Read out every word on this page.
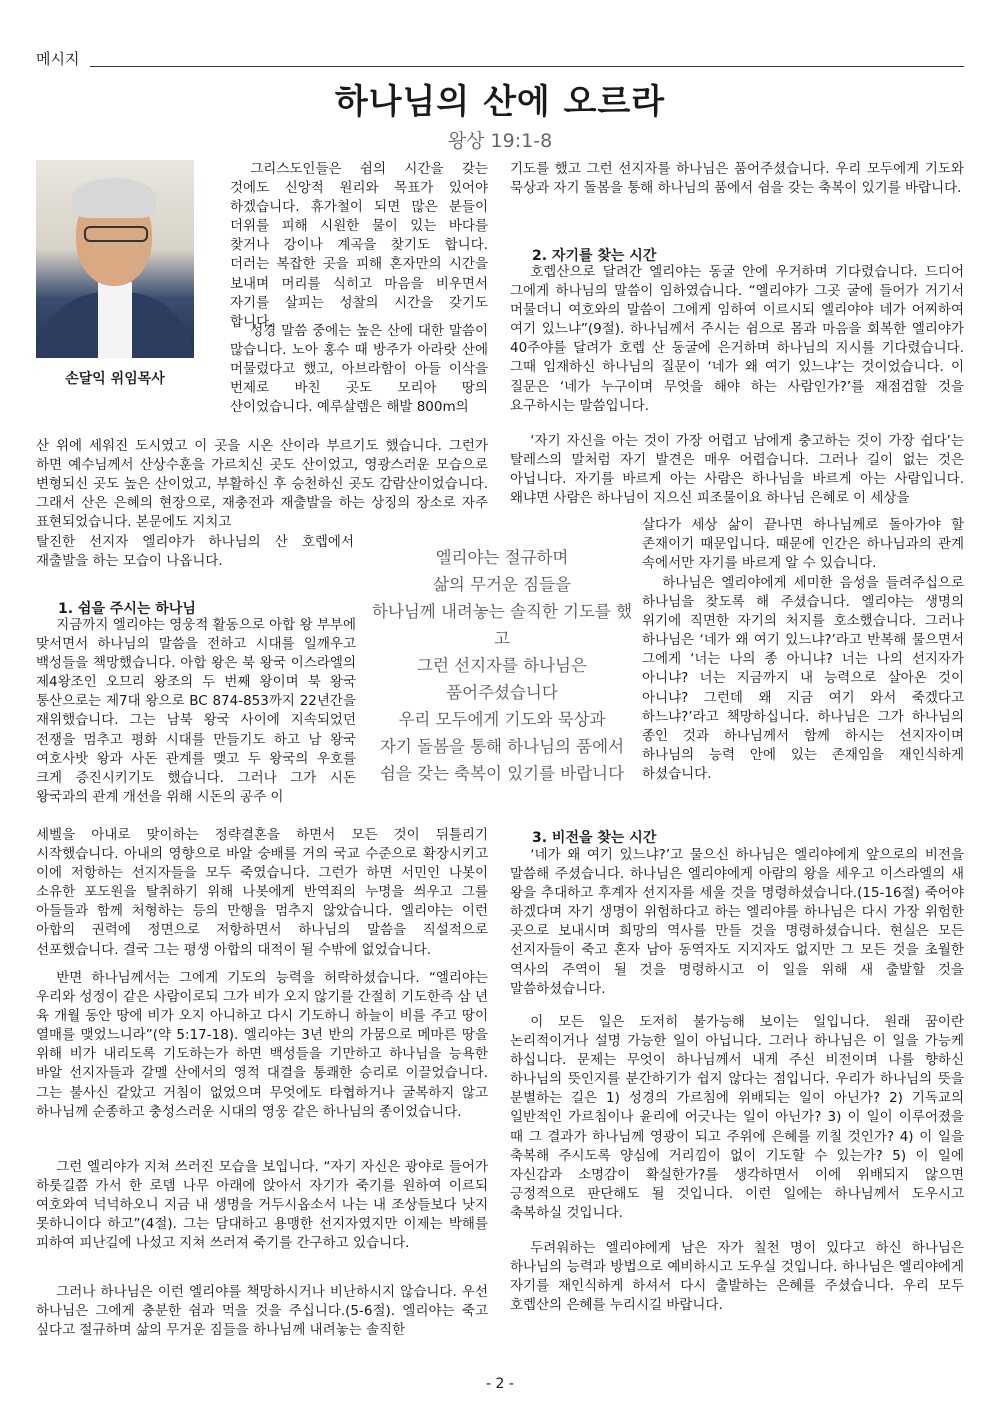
메시지
하나님의 산에 오르라
왕상 19:1-8
손달익 위임목사

그리스도인들은 쉼의 시간을 갖는 것에도 신앙적 원리와 목표가 있어야 하겠습니다. 휴가철이 되면 많은 분들이 더위를 피해 시원한 물이 있는 바다를 찾거나 강이나 계곡을 찾기도 합니다. 더러는 복잡한 곳을 피해 혼자만의 시간을 보내며 머리를 식히고 마음을 비우면서 자기를 살피는 성찰의 시간을 갖기도 합니다.

성경 말씀 중에는 높은 산에 대한 말씀이 많습니다. 노아 홍수 때 방주가 아라랏 산에 머물렀다고 했고, 아브라함이 아들 이삭을 번제로 바친 곳도 모리아 땅의 산이었습니다. 예루살렘은 해발 800m의

산 위에 세워진 도시였고 이 곳을 시온 산이라 부르기도 했습니다. 그런가 하면 예수님께서 산상수훈을 가르치신 곳도 산이었고, 영광스러운 모습으로 변형되신 곳도 높은 산이었고, 부활하신 후 승천하신 곳도 감람산이었습니다. 그래서 산은 은혜의 현장으로, 재충전과 재출발을 하는 상징의 장소로 자주 표현되었습니다. 본문에도 지치고

탈진한 선지자 엘리야가 하나님의 산 호렙에서 재출발을 하는 모습이 나옵니다.

1. 쉼을 주시는 하나님

지금까지 엘리야는 영웅적 활동으로 아합 왕 부부에 맞서면서 하나님의 말씀을 전하고 시대를 일깨우고 백성들을 책망했습니다. 아합 왕은 북 왕국 이스라엘의 제4왕조인 오므리 왕조의 두 번째 왕이며 북 왕국 통산으로는 제7대 왕으로 BC 874-853까지 22년간을 재위했습니다. 그는 남북 왕국 사이에 지속되었던 전쟁을 멈추고 평화 시대를 만들기도 하고 남 왕국 여호사밧 왕과 사돈 관계를 맺고 두 왕국의 우호를 크게 증진시키기도 했습니다. 그러나 그가 시돈 왕국과의 관계 개선을 위해 시돈의 공주 이

세벨을 아내로 맞이하는 정략결혼을 하면서 모든 것이 뒤틀리기 시작했습니다. 아내의 영향으로 바알 숭배를 거의 국교 수준으로 확장시키고 이에 저항하는 선지자들을 모두 죽였습니다. 그런가 하면 서민인 나봇이 소유한 포도원을 탈취하기 위해 나봇에게 반역죄의 누명을 씌우고 그를 아들들과 함께 처형하는 등의 만행을 멈추지 않았습니다. 엘리야는 이런 아합의 권력에 정면으로 저항하면서 하나님의 말씀을 직설적으로 선포했습니다. 결국 그는 평생 아합의 대적이 될 수밖에 없었습니다.

반면 하나님께서는 그에게 기도의 능력을 허락하셨습니다. “엘리야는 우리와 성정이 같은 사람이로되 그가 비가 오지 않기를 간절히 기도한즉 삼 년 육 개월 동안 땅에 비가 오지 아니하고 다시 기도하니 하늘이 비를 주고 땅이 열매를 맺었느니라”(약 5:17-18). 엘리야는 3년 반의 가뭄으로 메마른 땅을 위해 비가 내리도록 기도하는가 하면 백성들을 기만하고 하나님을 능욕한 바알 선지자들과 갈멜 산에서의 영적 대결을 통쾌한 승리로 이끌었습니다. 그는 불사신 같았고 거침이 없었으며 무엇에도 타협하거나 굴복하지 않고 하나님께 순종하고 충성스러운 시대의 영웅 같은 하나님의 종이었습니다.

그런 엘리야가 지쳐 쓰러진 모습을 보입니다. “자기 자신은 광야로 들어가 하룻길쯤 가서 한 로뎀 나무 아래에 앉아서 자기가 죽기를 원하여 이르되 여호와여 넉넉하오니 지금 내 생명을 거두시옵소서 나는 내 조상들보다 낫지 못하니이다 하고”(4절). 그는 담대하고 용맹한 선지자였지만 이제는 박해를 피하여 피난길에 나섰고 지쳐 쓰러져 죽기를 간구하고 있습니다.

그러나 하나님은 이런 엘리야를 책망하시거나 비난하시지 않습니다. 우선 하나님은 그에게 충분한 쉼과 먹을 것을 주십니다.(5-6절). 엘리야는 죽고 싶다고 절규하며 삶의 무거운 짐들을 하나님께 내려놓는 솔직한

기도를 했고 그런 선지자를 하나님은 품어주셨습니다. 우리 모두에게 기도와 묵상과 자기 돌봄을 통해 하나님의 품에서 쉼을 갖는 축복이 있기를 바랍니다.

2. 자기를 찾는 시간

호렙산으로 달려간 엘리야는 동굴 안에 우거하며 기다렸습니다. 드디어 그에게 하나님의 말씀이 임하였습니다. “엘리야가 그곳 굴에 들어가 거기서 머물더니 여호와의 말씀이 그에게 임하여 이르시되 엘리야야 네가 어찌하여 여기 있느냐”(9절). 하나님께서 주시는 쉼으로 몸과 마음을 회복한 엘리야가 40주야를 달려가 호렙 산 동굴에 은거하며 하나님의 지시를 기다렸습니다. 그때 임재하신 하나님의 질문이 ‘네가 왜 여기 있느냐’는 것이었습니다. 이 질문은 ‘네가 누구이며 무엇을 해야 하는 사람인가?’를 재점검할 것을 요구하시는 말씀입니다.

‘자기 자신을 아는 것이 가장 어렵고 남에게 충고하는 것이 가장 쉽다’는 탈레스의 말처럼 자기 발견은 매우 어렵습니다. 그러나 길이 없는 것은 아닙니다. 자기를 바르게 아는 사람은 하나님을 바르게 아는 사람입니다. 왜냐면 사람은 하나님이 지으신 피조물이요 하나님 은혜로 이 세상을

살다가 세상 삶이 끝나면 하나님께로 돌아가야 할 존재이기 때문입니다. 때문에 인간은 하나님과의 관계 속에서만 자기를 바르게 알 수 있습니다.

하나님은 엘리야에게 세미한 음성을 들려주십으로 하나님을 찾도록 해 주셨습니다. 엘리야는 생명의 위기에 직면한 자기의 처지를 호소했습니다. 그러나 하나님은 ‘네가 왜 여기 있느냐?’라고 반복해 물으면서 그에게 ‘너는 나의 종 아니냐? 너는 나의 선지자가 아니냐? 너는 지금까지 내 능력으로 살아온 것이 아니냐? 그런데 왜 지금 여기 와서 죽겠다고 하느냐?’라고 책망하십니다. 하나님은 그가 하나님의 종인 것과 하나님께서 함께 하시는 선지자이며 하나님의 능력 안에 있는 존재임을 재인식하게 하셨습니다.

3. 비전을 찾는 시간

‘네가 왜 여기 있느냐?’고 물으신 하나님은 엘리야에게 앞으로의 비전을 말씀해 주셨습니다. 하나님은 엘리야에게 아람의 왕을 세우고 이스라엘의 새 왕을 추대하고 후계자 선지자를 세울 것을 명령하셨습니다.(15-16절) 죽어야 하겠다며 자기 생명이 위험하다고 하는 엘리야를 하나님은 다시 가장 위험한 곳으로 보내시며 희망의 역사를 만들 것을 명령하셨습니다. 현실은 모든 선지자들이 죽고 혼자 남아 동역자도 지지자도 없지만 그 모든 것을 초월한 역사의 주역이 될 것을 명령하시고 이 일을 위해 새 출발할 것을 말씀하셨습니다.

이 모든 일은 도저히 불가능해 보이는 일입니다. 원래 꿈이란 논리적이거나 설명 가능한 일이 아닙니다. 그러나 하나님은 이 일을 가능케 하십니다. 문제는 무엇이 하나님께서 내게 주신 비전이며 나를 향하신 하나님의 뜻인지를 분간하기가 쉽지 않다는 점입니다. 우리가 하나님의 뜻을 분별하는 길은 1) 성경의 가르침에 위배되는 일이 아닌가? 2) 기독교의 일반적인 가르침이나 윤리에 어긋나는 일이 아닌가? 3) 이 일이 이루어졌을 때 그 결과가 하나님께 영광이 되고 주위에 은혜를 끼칠 것인가? 4) 이 일을 축복해 주시도록 양심에 거리낌이 없이 기도할 수 있는가? 5) 이 일에 자신감과 소명감이 확실한가?를 생각하면서 이에 위배되지 않으면 긍정적으로 판단해도 될 것입니다. 이런 일에는 하나님께서 도우시고 축복하실 것입니다.

두려워하는 엘리야에게 남은 자가 칠천 명이 있다고 하신 하나님은 하나님의 능력과 방법으로 예비하시고 도우실 것입니다. 하나님은 엘리야에게 자기를 재인식하게 하셔서 다시 출발하는 은혜를 주셨습니다. 우리 모두 호렙산의 은혜를 누리시길 바랍니다.

엘리야는 절규하며
삶의 무거운 짐들을
하나님께 내려놓는 솔직한 기도를 했고
그런 선지자를 하나님은
품어주셨습니다
우리 모두에게 기도와 묵상과
자기 돌봄을 통해 하나님의 품에서
쉼을 갖는 축복이 있기를 바랍니다
- 2 -
